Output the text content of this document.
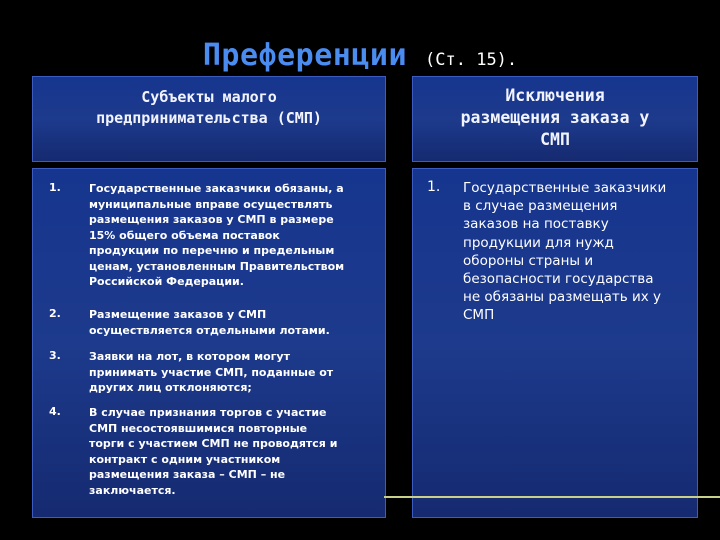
Преференции (Ст. 15).
Субъекты малого
предпринимательства (СМП)
Исключения
размещения заказа у
СМП
1.	Государственные заказчики обязаны, а
муниципальные вправе осуществлять
размещения заказов у СМП в размере
15% общего объема поставок
продукции по перечню и предельным
ценам, установленным Правительством
Российской Федерации.
2.	Размещение заказов у СМП
осуществляется отдельными лотами.
3.	Заявки на лот, в котором могут
принимать участие СМП, поданные от
других лиц отклоняются;
4.	В случае признания торгов с участие
СМП несостоявшимися повторные
торги с участием СМП не проводятся и
контракт с одним участником
размещения заказа – СМП – не
заключается.
1. Государственные заказчики
в случае размещения
заказов на поставку
продукции для нужд
обороны страны и
безопасности государства
не обязаны размещать их у
СМП
